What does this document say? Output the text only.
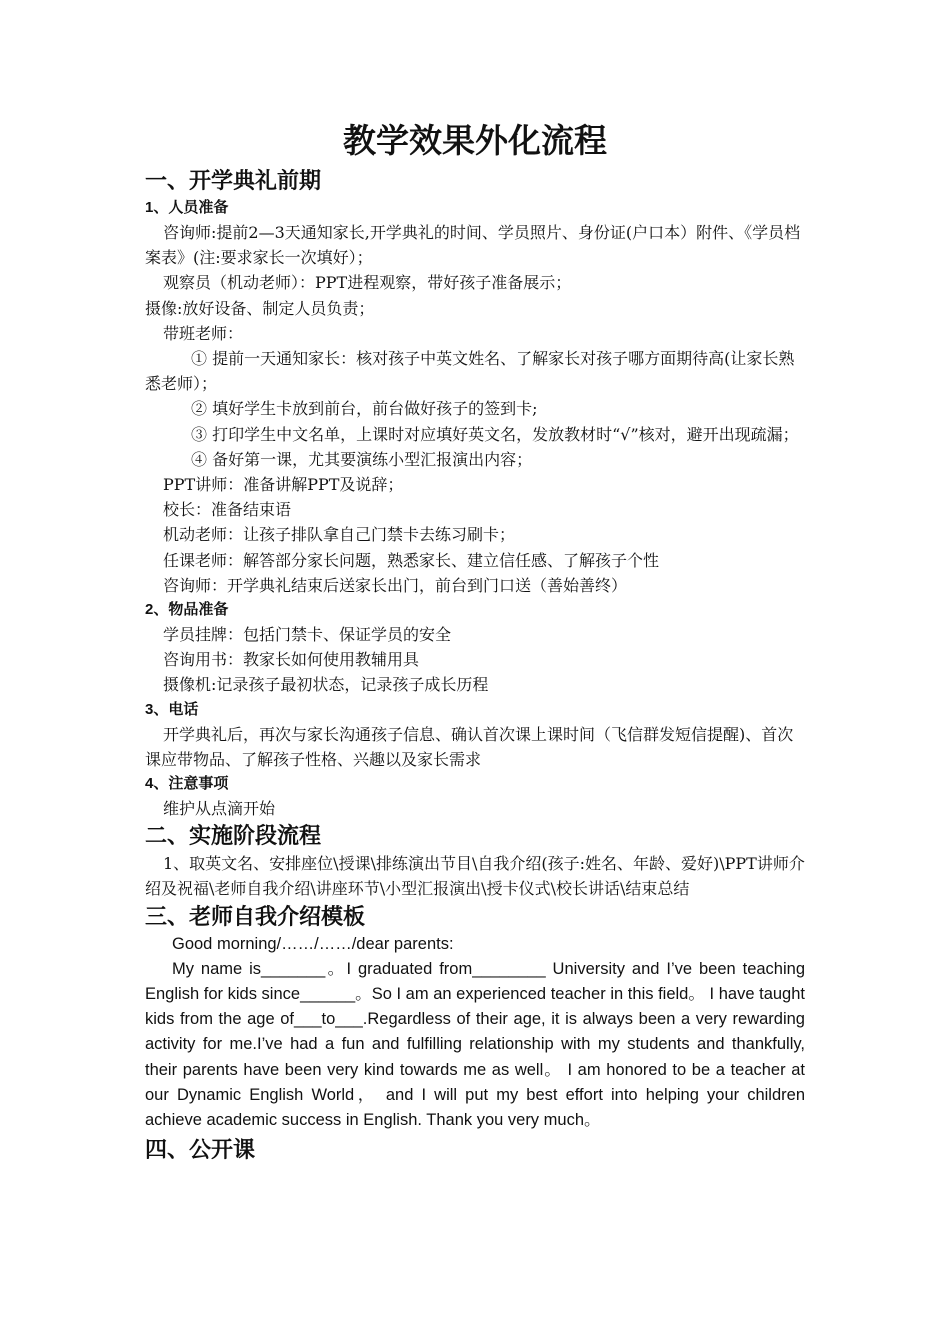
教学效果外化流程
一、开学典礼前期
1、人员准备

咨询师:提前2—3天通知家长,开学典礼的时间、学员照片、身份证(户口本）附件、《学员档案表》(注:要求家长一次填好）；

观察员（机动老师）：PPT进程观察，带好孩子准备展示；

摄像:放好设备、制定人员负责；

带班老师：

① 提前一天通知家长：核对孩子中英文姓名、了解家长对孩子哪方面期待高(让家长熟悉老师）；

② 填好学生卡放到前台，前台做好孩子的签到卡;

③ 打印学生中文名单，上课时对应填好英文名，发放教材时“√”核对，避开出现疏漏；

④ 备好第一课，尤其要演练小型汇报演出内容；

PPT讲师：准备讲解PPT及说辞；

校长：准备结束语

机动老师：让孩子排队拿自己门禁卡去练习刷卡；

任课老师：解答部分家长问题，熟悉家长、建立信任感、了解孩子个性

咨询师：开学典礼结束后送家长出门，前台到门口送（善始善终）

2、物品准备

学员挂牌：包括门禁卡、保证学员的安全

咨询用书：教家长如何使用教辅用具

摄像机:记录孩子最初状态，记录孩子成长历程

3、电话

开学典礼后，再次与家长沟通孩子信息、确认首次课上课时间（飞信群发短信提醒)、首次课应带物品、了解孩子性格、兴趣以及家长需求

4、注意事项

维护从点滴开始

二、实施阶段流程

1、取英文名、安排座位\授课\排练演出节目\自我介绍(孩子:姓名、年龄、爱好)\PPT讲师介绍及祝福\老师自我介绍\讲座环节\小型汇报演出\授卡仪式\校长讲话\结束总结

三、老师自我介绍模板

Good morning/……/……/dear parents:

My name is_______。I graduated from________ University and I’ve been teaching English for kids since______。So I am an experienced teacher in this field。 I have taught kids from the age of___to___.Regardless of their age, it is always been a very rewarding activity for me.I’ve had a fun and fulfilling relationship with my students and thankfully, their parents have been very kind towards me as well。 I am honored to be a teacher at our Dynamic English World， and I will put my best effort into helping your children achieve academic success in English. Thank you very much。

四、公开课
